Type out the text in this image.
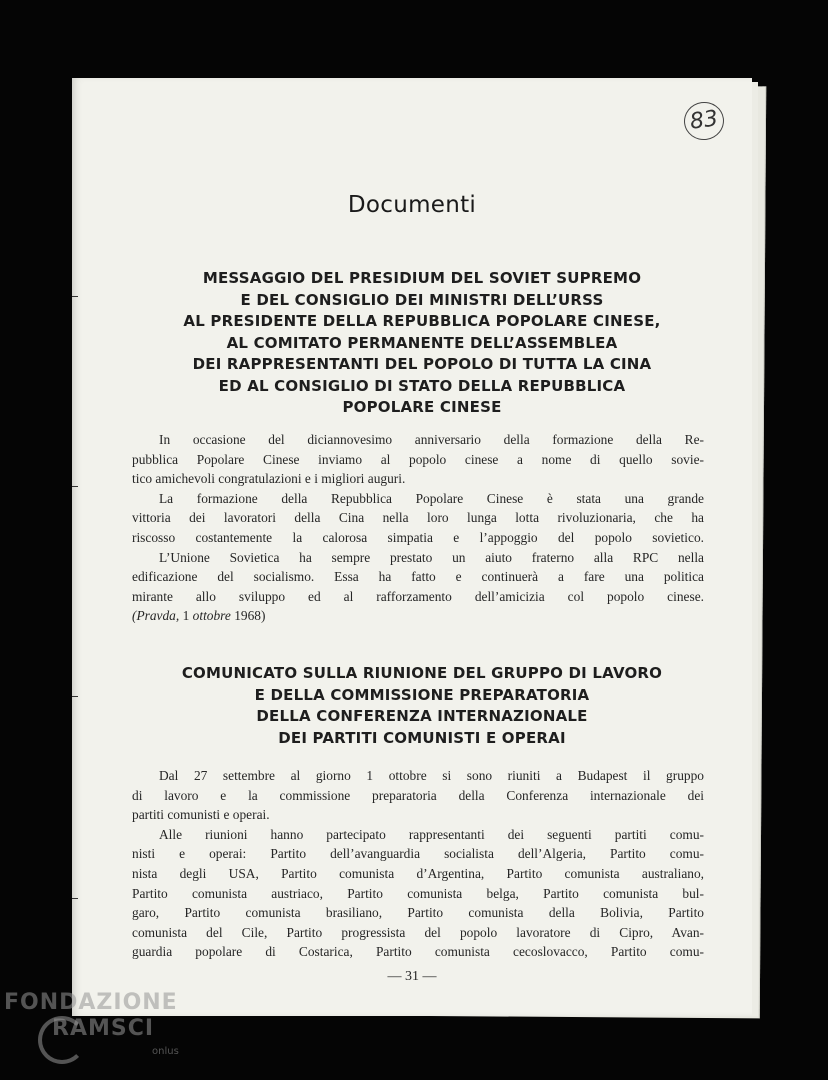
83
Documenti
MESSAGGIO DEL PRESIDIUM DEL SOVIET SUPREMO
E DEL CONSIGLIO DEI MINISTRI DELL’URSS
AL PRESIDENTE DELLA REPUBBLICA POPOLARE CINESE,
AL COMITATO PERMANENTE DELL’ASSEMBLEA
DEI RAPPRESENTANTI DEL POPOLO DI TUTTA LA CINA
ED AL CONSIGLIO DI STATO DELLA REPUBBLICA
POPOLARE CINESE
In occasione del diciannovesimo anniversario della formazione della Re-
pubblica Popolare Cinese inviamo al popolo cinese a nome di quello sovie-
tico amichevoli congratulazioni e i migliori auguri.
La formazione della Repubblica Popolare Cinese è stata una grande
vittoria dei lavoratori della Cina nella loro lunga lotta rivoluzionaria, che ha
riscosso costantemente la calorosa simpatia e l’appoggio del popolo sovietico.
L’Unione Sovietica ha sempre prestato un aiuto fraterno alla RPC nella
edificazione del socialismo. Essa ha fatto e continuerà a fare una politica
mirante allo sviluppo ed al rafforzamento dell’amicizia col popolo cinese.
(Pravda, 1 ottobre 1968)
COMUNICATO SULLA RIUNIONE DEL GRUPPO DI LAVORO
E DELLA COMMISSIONE PREPARATORIA
DELLA CONFERENZA INTERNAZIONALE
DEI PARTITI COMUNISTI E OPERAI
Dal 27 settembre al giorno 1 ottobre si sono riuniti a Budapest il gruppo
di lavoro e la commissione preparatoria della Conferenza internazionale dei
partiti comunisti e operai.
Alle riunioni hanno partecipato rappresentanti dei seguenti partiti comu-
nisti e operai: Partito dell’avanguardia socialista dell’Algeria, Partito comu-
nista degli USA, Partito comunista d’Argentina, Partito comunista australiano,
Partito comunista austriaco, Partito comunista belga, Partito comunista bul-
garo, Partito comunista brasiliano, Partito comunista della Bolivia, Partito
comunista del Cile, Partito progressista del popolo lavoratore di Cipro, Avan-
guardia popolare di Costarica, Partito comunista cecoslovacco, Partito comu-
— 31 —
FONDAZIONE
RAMSCI
onlus
